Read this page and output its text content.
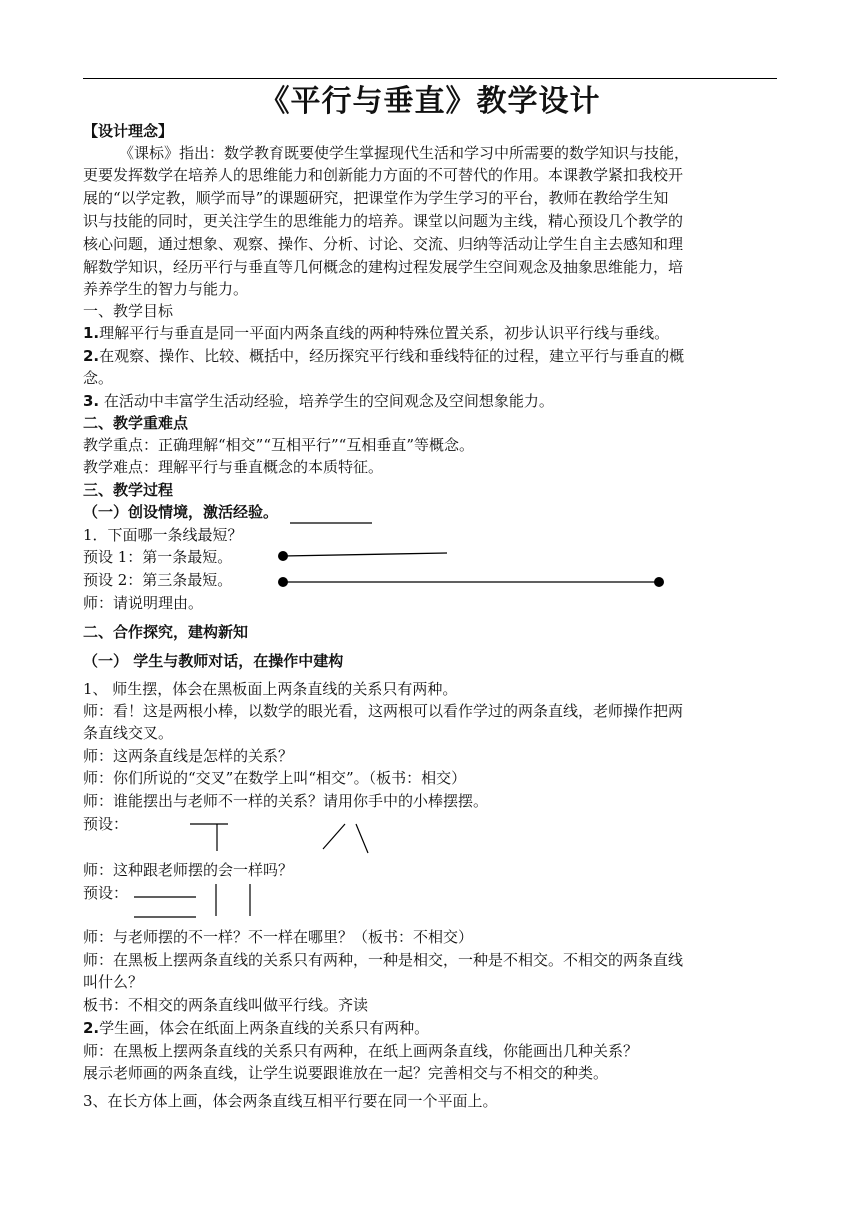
《平行与垂直》教学设计
【设计理念】
《课标》指出：数学教育既要使学生掌握现代生活和学习中所需要的数学知识与技能，
更要发挥数学在培养人的思维能力和创新能力方面的不可替代的作用。本课教学紧扣我校开
展的“以学定教，顺学而导”的课题研究，把课堂作为学生学习的平台，教师在教给学生知
识与技能的同时，更关注学生的思维能力的培养。课堂以问题为主线，精心预设几个教学的
核心问题，通过想象、观察、操作、分析、讨论、交流、归纳等活动让学生自主去感知和理
解数学知识，经历平行与垂直等几何概念的建构过程发展学生空间观念及抽象思维能力，培
养养学生的智力与能力。
一、教学目标
1.理解平行与垂直是同一平面内两条直线的两种特殊位置关系，初步认识平行线与垂线。
2.在观察、操作、比较、概括中，经历探究平行线和垂线特征的过程，建立平行与垂直的概
念。
3. 在活动中丰富学生活动经验，培养学生的空间观念及空间想象能力。
二、教学重难点
教学重点：正确理解“相交”“互相平行”“互相垂直”等概念。
教学难点：理解平行与垂直概念的本质特征。
三、教学过程
（一）创设情境，激活经验。
1．下面哪一条线最短？
预设 1：第一条最短。
预设 2：第三条最短。
师：请说明理由。
二、合作探究，建构新知
（一） 学生与教师对话，在操作中建构
1、 师生摆，体会在黑板面上两条直线的关系只有两种。
师：看！这是两根小棒，以数学的眼光看，这两根可以看作学过的两条直线，老师操作把两
条直线交叉。
师：这两条直线是怎样的关系？
师：你们所说的“交叉”在数学上叫“相交”。（板书：相交）
师：谁能摆出与老师不一样的关系？请用你手中的小棒摆摆。
预设：
师：这种跟老师摆的会一样吗？
预设：
师：与老师摆的不一样？不一样在哪里？（板书：不相交）
师：在黑板上摆两条直线的关系只有两种，一种是相交，一种是不相交。不相交的两条直线
叫什么？
板书：不相交的两条直线叫做平行线。齐读
2.学生画，体会在纸面上两条直线的关系只有两种。
师：在黑板上摆两条直线的关系只有两种，在纸上画两条直线，你能画出几种关系？
展示老师画的两条直线，让学生说要跟谁放在一起？完善相交与不相交的种类。
3、在长方体上画，体会两条直线互相平行要在同一个平面上。
